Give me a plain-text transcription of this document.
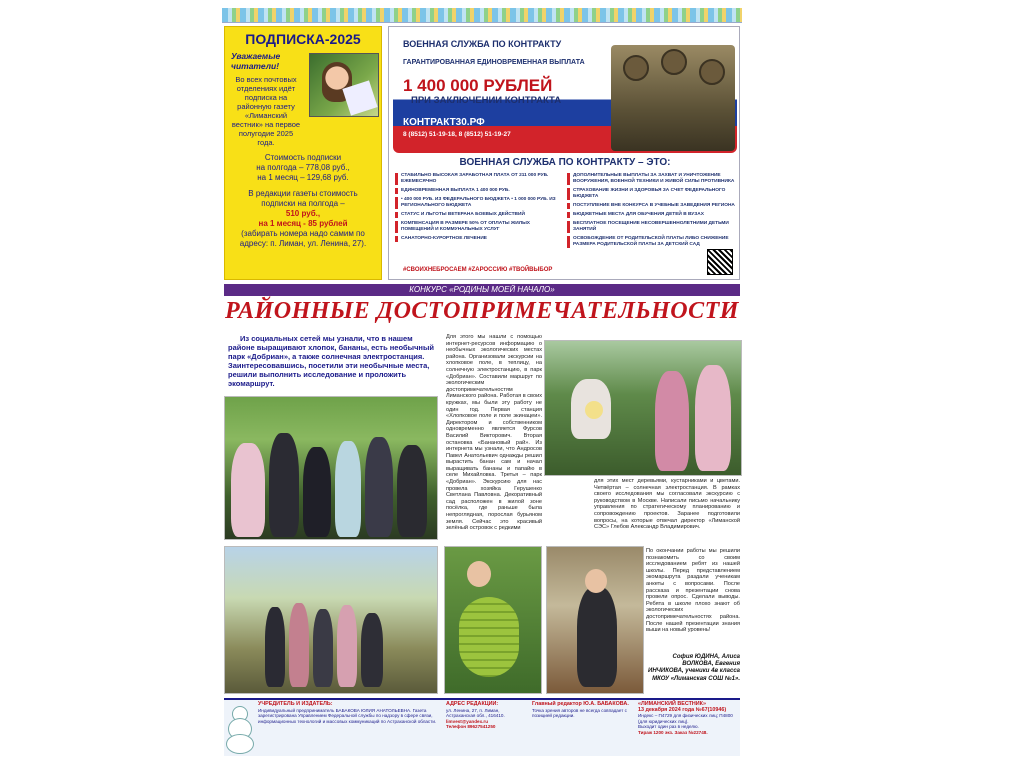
ПОДПИСКА-2025
Уважаемые читатели!
Во всех почтовых отделениях идёт подписка на районную газету «Лиманский вестник» на первое полугодие 2025 года.

Стоимость подписки
на полгода – 778,08 руб.,
на 1 месяц – 129,68 руб.

В редакции газеты стоимость
подписки на полгода –
510 руб.,
на 1 месяц - 85 рублей
(забирать номера надо самим по адресу: п. Лиман, ул. Ленина, 27).

ВОЕННАЯ СЛУЖБА ПО КОНТРАКТУ
ГАРАНТИРОВАННАЯ ЕДИНОВРЕМЕННАЯ ВЫПЛАТА
1 400 000 РУБЛЕЙ
ПРИ ЗАКЛЮЧЕНИИ КОНТРАКТА
КОНТРАКТ30.РФ
8 (8512) 51-19-18, 8 (8512) 51-19-27
ВОЕННАЯ СЛУЖБА ПО КОНТРАКТУ – ЭТО:
СТАБИЛЬНО ВЫСОКАЯ ЗАРАБОТНАЯ ПЛАТА ОТ 211 000 РУБ. ЕЖЕМЕСЯЧНО
ЕДИНОВРЕМЕННАЯ ВЫПЛАТА 1 400 000 РУБ.
• 400 000 РУБ. ИЗ ФЕДЕРАЛЬНОГО БЮДЖЕТА • 1 000 000 РУБ. ИЗ РЕГИОНАЛЬНОГО БЮДЖЕТА
СТАТУС И ЛЬГОТЫ ВЕТЕРАНА БОЕВЫХ ДЕЙСТВИЙ
КОМПЕНСАЦИЯ В РАЗМЕРЕ 50% ОТ ОПЛАТЫ ЖИЛЫХ ПОМЕЩЕНИЙ И КОММУНАЛЬНЫХ УСЛУГ
САНАТОРНО-КУРОРТНОЕ ЛЕЧЕНИЕ
ДОПОЛНИТЕЛЬНЫЕ ВЫПЛАТЫ ЗА ЗАХВАТ И УНИЧТОЖЕНИЕ ВООРУЖЕНИЯ, ВОЕННОЙ ТЕХНИКИ И ЖИВОЙ СИЛЫ ПРОТИВНИКА
СТРАХОВАНИЕ ЖИЗНИ И ЗДОРОВЬЯ ЗА СЧЕТ ФЕДЕРАЛЬНОГО БЮДЖЕТА
ПОСТУПЛЕНИЕ ВНЕ КОНКУРСА В УЧЕБНЫЕ ЗАВЕДЕНИЯ РЕГИОНА
БЮДЖЕТНЫЕ МЕСТА ДЛЯ ОБУЧЕНИЯ ДЕТЕЙ В ВУЗАХ
БЕСПЛАТНОЕ ПОСЕЩЕНИЕ НЕСОВЕРШЕННОЛЕТНИМИ ДЕТЬМИ ЗАНЯТИЙ
ОСВОБОЖДЕНИЕ ОТ РОДИТЕЛЬСКОЙ ПЛАТЫ ЛИБО СНИЖЕНИЕ РАЗМЕРА РОДИТЕЛЬСКОЙ ПЛАТЫ ЗА ДЕТСКИЙ САД
#СВОИХНЕБРОСАЕМ #ZAРОССИЮ #ТВОЙВЫБОР
КОНКУРС «РОДИНЫ МОЕЙ НАЧАЛО»
РАЙОННЫЕ ДОСТОПРИМЕЧАТЕЛЬНОСТИ
Из социальных сетей мы узнали, что в нашем районе выращивают хлопок, бананы, есть необычный парк «Добриан», а также солнечная электростанция. Заинтересовавшись, посетили эти необычные места, решили выполнить исследование и проложить экомаршрут.
Для этого мы нашли с помощью интернет-ресурсов информацию о необычных экологических местах района. Организовали экскурсии на хлопковое поле, в теплицу, на солнечную электростанцию, в парк «Добриан». Составили маршрут по экологическим достопримечательностям Лиманского района. Работая в своих кружках, мы были эту работу не один год. Первая станция «Хлопковое поле и поле экинацеи». Директором и собственником одновременно является Фурсов Василий Викторович. Вторая остановка «Банановый рай». Из интернета мы узнали, что Андросов Павел Анатольевич однажды решил вырастить банан сам и начал выращивать бананы и папайю в селе Михайловка. Третья – парк «Добриан». Экскурсию для нас провела хозяйка Герушенко Светлана Павловна. Декоративный сад расположен в жилой зоне посёлка, где раньше была непроглядная, порослая бурьяном земля. Сейчас это красивый зелёный островок с редкими
для этих мест деревьями, кустарниками и цветами. Четвёртая – солнечная электростанция. В рамках своего исследования мы согласовали экскурсию с руководством в Москве. Написали письмо начальнику управления по стратегическому планированию и сопровождению проектов. Заранее подготовили вопросы, на которые отвечал директор «Лиманской СЭС» Глебов Александр Владимирович.
По окончании работы мы решили познакомить со своим исследованием ребят из нашей школы. Перед представлением экомаршрута раздали ученикам анкеты с вопросами. После рассказа и презентации снова провели опрос. Сделали выводы. Ребята в школе плохо знают об экологических достопримечательностях района. После нашей презентации знания выши на новый уровень!
София ЮДИНА, Алиса ВОЛКОВА, Евгения ИНЧИКОВА, ученики 4в класса МКОУ «Лиманская СОШ №1».
УЧРЕДИТЕЛЬ И ИЗДАТЕЛЬ:
Индивидуальный предприниматель БАБАКОВА ЮЛИЯ АНАТОЛЬЕВНА. Газета зарегистрирована Управлением Федеральной службы по надзору в сфере связи, информационных технологий и массовых коммуникаций по Астраханской области.
АДРЕС РЕДАКЦИИ:
ул. Ленина, 27, п. Лиман, Астраханская обл., 416410.
limvest@yandex.ru
Телефон 89627541250
Главный редактор Ю.А. БАБАКОВА.
Точка зрения авторов не всегда совпадает с позицией редакции.
«ЛИМАНСКИЙ ВЕСТНИК»
13 декабря 2024 года №67(10946)
Индекс – П4729 для физических лиц; П4800 (для юридических лиц).
Выходит один раз в неделю.
Тираж 1200 экз. Заказ №22748.
